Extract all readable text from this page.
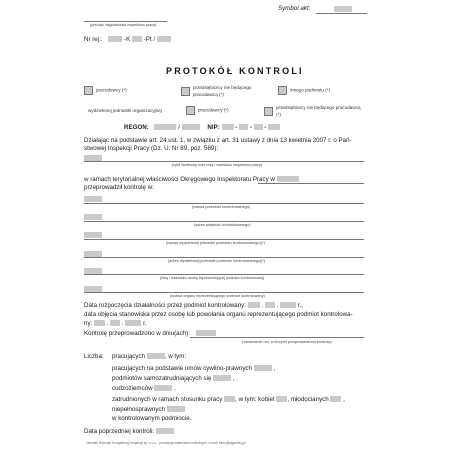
Symbol akt:
(pieczęć nagłówkowa inspektora pracy)
Nr rej.:	-K -Pt /
PROTOKÓŁ KONTROLI
pracodawcy (*)
przedsiębiorcy nie będącego pracodawcą (*)
innego podmiotu (*)
wydzielonej jednostki organizacyjnej	pracodawcy (*)
przedsiębiorcy nie będącego pracodawcą (*)
REGON:	/	NIP:  -  -  -
Działając na podstawie art. 24 ust. 1, w związku z art. 31 ustawy z dnia 13 kwietnia 2007 r. o Pań-
stwowej Inspekcji Pracy (Dz. U. Nr 89, poz. 589):
(tytuł służbowy oraz imię i nazwisko inspektora pracy)
w ramach terytorialnej właściwości Okręgowego Inspektoratu Pracy w
przeprowadził kontrolę w:
(nazwa podmiotu kontrolowanego)
(adres podmiotu kontrolowanego)
(nazwa wydzielonej jednostki podmiotu kontrolowanego)(*)
(adres wydzielonej jednostki podmiotu kontrolowanego)(*)
(imię i nazwisko osoby reprezentującej podmiot kontrolowany)
(nazwa organu reprezentującego podmiot kontrolowany)
Data rozpoczęcia działalności przez podmiot kontrolowany:  .  .	r.,
data objęcia stanowiska przez osobę lub powołania organu reprezentującego podmiot kontrolowa-
ny:  .  .	r.
Kontrolę przeprowadzono w dniu(ach):
(oznaczenie dni, w których przeprowadzono kontrolę)
Liczba: pracujących	, w tym:
pracujących na podstawie umów cywilno-prawnych	,
podmiotów samozatrudniających się	,
cudzoziemców	,
zatrudnionych w ramach stosunku pracy , w tym: kobiet , młodocianych  ,
niepełnosprawnych
w kontrolowanym podmiocie.
Data poprzedniej kontroli:
Ośrodek Rozwoju Kompetencji Inspekcji sp. z o.o. - produkcja materiałów kontrolnych, e-mail: biuro@sigembrg.pl
